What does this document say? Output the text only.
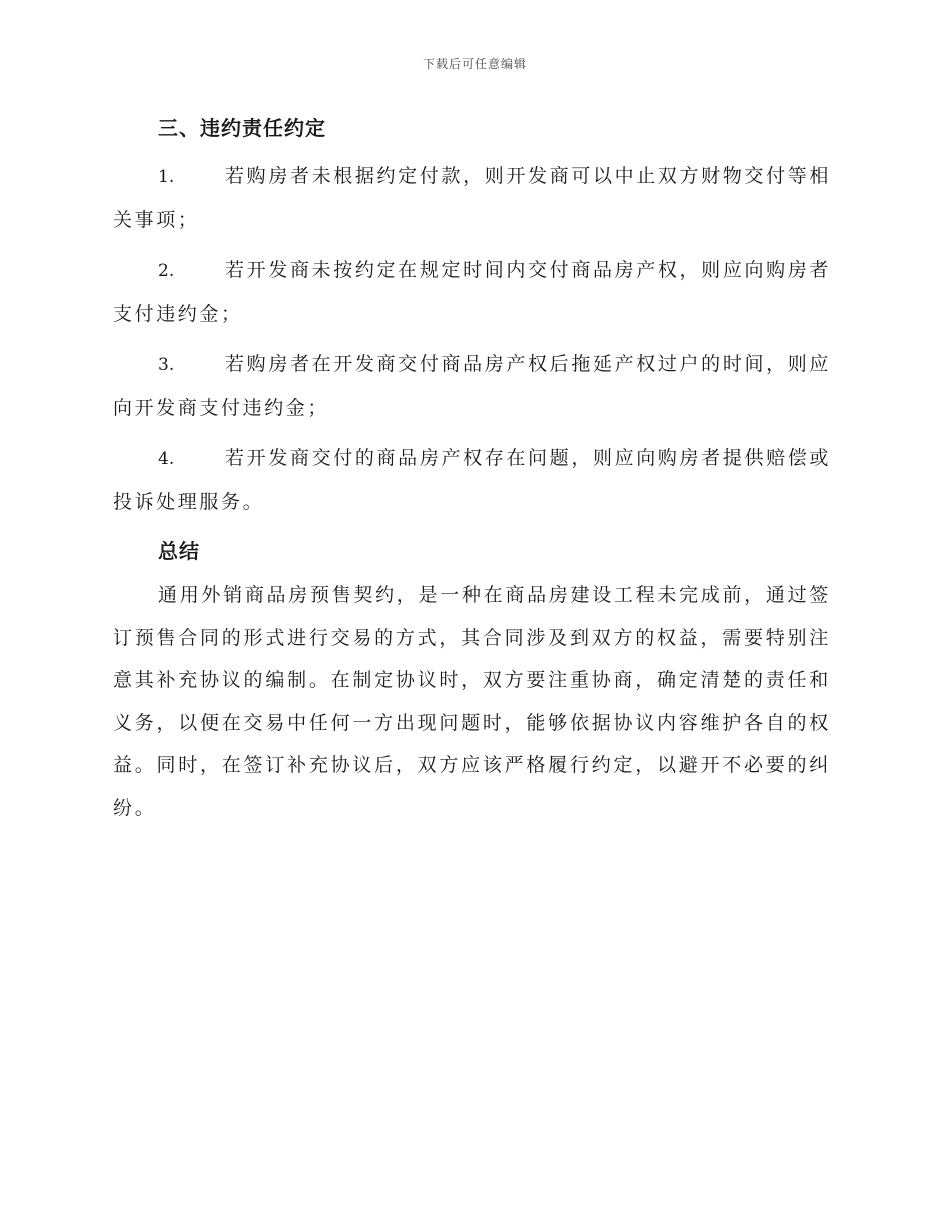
下载后可任意编辑
三、违约责任约定

1.	若购房者未根据约定付款，则开发商可以中止双方财物交付等相关事项；

2.	若开发商未按约定在规定时间内交付商品房产权，则应向购房者支付违约金；

3.	若购房者在开发商交付商品房产权后拖延产权过户的时间，则应向开发商支付违约金；

4.	若开发商交付的商品房产权存在问题，则应向购房者提供赔偿或投诉处理服务。

总结

通用外销商品房预售契约，是一种在商品房建设工程未完成前，通过签订预售合同的形式进行交易的方式，其合同涉及到双方的权益，需要特别注意其补充协议的编制。在制定协议时，双方要注重协商，确定清楚的责任和义务，以便在交易中任何一方出现问题时，能够依据协议内容维护各自的权益。同时，在签订补充协议后，双方应该严格履行约定，以避开不必要的纠纷。
